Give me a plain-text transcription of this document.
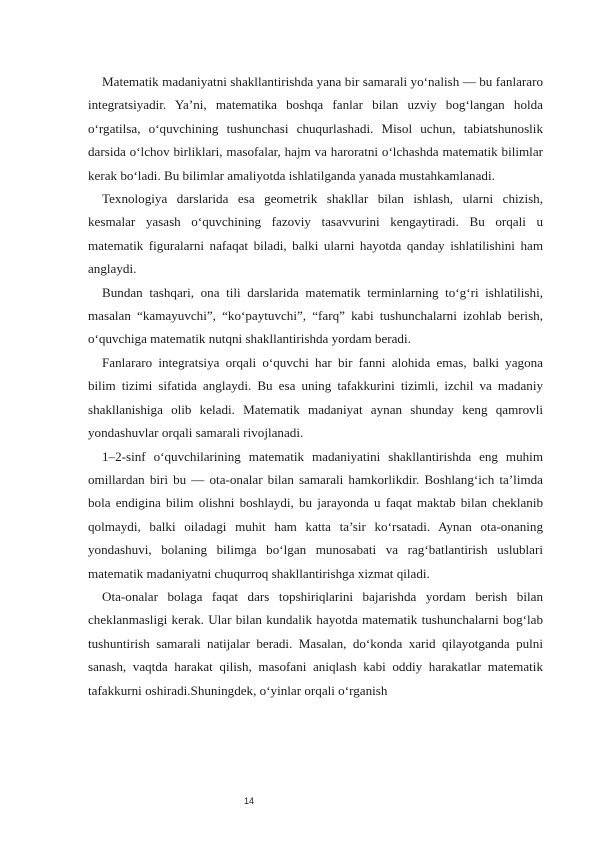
Matematik madaniyatni shakllantirishda yana bir samarali yo‘nalish — bu fanlararo integratsiyadir. Ya’ni, matematika boshqa fanlar bilan uzviy bog‘langan holda o‘rgatilsa, o‘quvchining tushunchasi chuqurlashadi. Misol uchun, tabiatshunoslik darsida o‘lchov birliklari, masofalar, hajm va haroratni o‘lchashda matematik bilimlar kerak bo‘ladi. Bu bilimlar amaliyotda ishlatilganda yanada mustahkamlanadi.

Texnologiya darslarida esa geometrik shakllar bilan ishlash, ularni chizish, kesmalar yasash o‘quvchining fazoviy tasavvurini kengaytiradi. Bu orqali u matematik figuralarni nafaqat biladi, balki ularni hayotda qanday ishlatilishini ham anglaydi.

Bundan tashqari, ona tili darslarida matematik terminlarning to‘g‘ri ishlatilishi, masalan “kamayuvchi”, “ko‘paytuvchi”, “farq” kabi tushunchalarni izohlab berish, o‘quvchiga matematik nutqni shakllantirishda yordam beradi.

Fanlararo integratsiya orqali o‘quvchi har bir fanni alohida emas, balki yagona bilim tizimi sifatida anglaydi. Bu esa uning tafakkurini tizimli, izchil va madaniy shakllanishiga olib keladi. Matematik madaniyat aynan shunday keng qamrovli yondashuvlar orqali samarali rivojlanadi.

1–2-sinf o‘quvchilarining matematik madaniyatini shakllantirishda eng muhim omillardan biri bu — ota-onalar bilan samarali hamkorlikdir. Boshlang‘ich ta’limda bola endigina bilim olishni boshlaydi, bu jarayonda u faqat maktab bilan cheklanib qolmaydi, balki oiladagi muhit ham katta ta’sir ko‘rsatadi. Aynan ota-onaning yondashuvi, bolaning bilimga bo‘lgan munosabati va rag‘batlantirish uslublari matematik madaniyatni chuqurroq shakllantirishga xizmat qiladi.

Ota-onalar bolaga faqat dars topshiriqlarini bajarishda yordam berish bilan cheklanmasligi kerak. Ular bilan kundalik hayotda matematik tushunchalarni bog‘lab tushuntirish samarali natijalar beradi. Masalan, do‘konda xarid qilayotganda pulni sanash, vaqtda harakat qilish, masofani aniqlash kabi oddiy harakatlar matematik tafakkurni oshiradi.Shuningdek, o‘yinlar orqali o‘rganish

14
